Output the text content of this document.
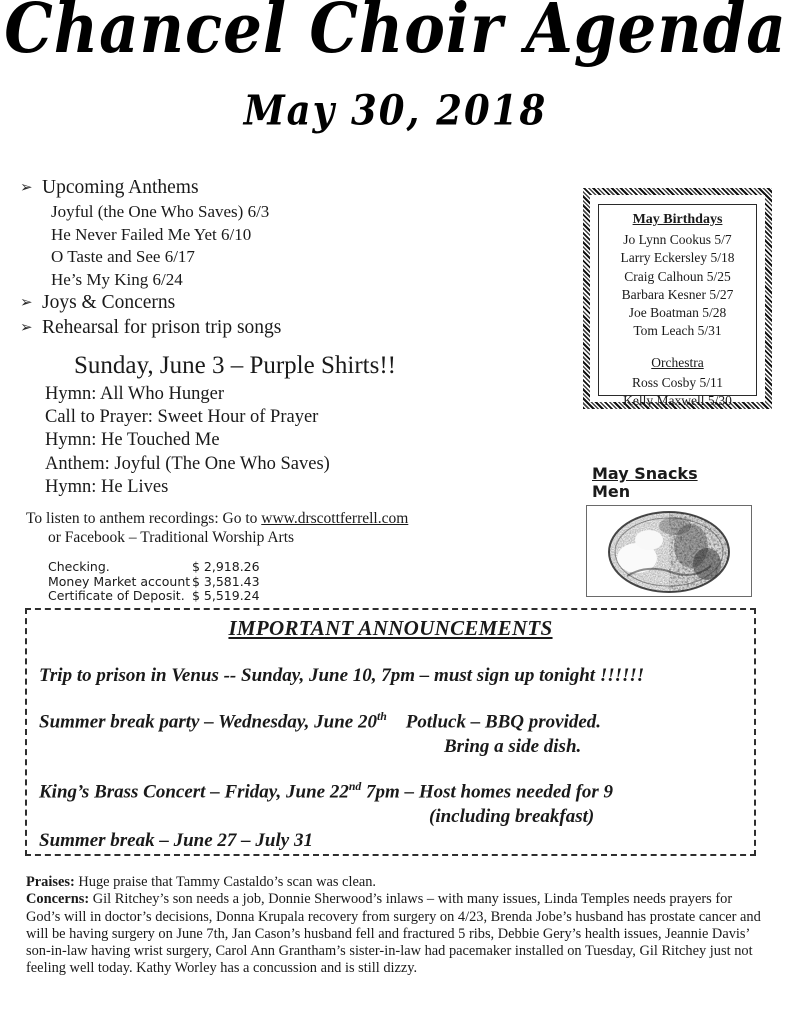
Chancel Choir Agenda
May 30, 2018
➢ Upcoming Anthems
Joyful (the One Who Saves) 6/3
He Never Failed Me Yet 6/10
O Taste and See 6/17
He’s My King 6/24
➢ Joys & Concerns
➢ Rehearsal for prison trip songs
Sunday, June 3 – Purple Shirts!!
Hymn: All Who Hunger
Call to Prayer: Sweet Hour of Prayer
Hymn: He Touched Me
Anthem: Joyful (The One Who Saves)
Hymn: He Lives
To listen to anthem recordings: Go to www.drscottferrell.com
or Facebook – Traditional Worship Arts
Checking.	$ 2,918.26
Money Market account $ 3,581.43
Certificate of Deposit. $ 5,519.24
May Birthdays
Jo Lynn Cookus 5/7
Larry Eckersley 5/18
Craig Calhoun 5/25
Barbara Kesner 5/27
Joe Boatman 5/28
Tom Leach 5/31
Orchestra
Ross Cosby 5/11
Kelly Maxwell 5/30
May Snacks
Men
IMPORTANT ANNOUNCEMENTS
Trip to prison in Venus -- Sunday, June 10, 7pm – must sign up tonight !!!!!!
Summer break party – Wednesday, June 20th Potluck – BBQ provided.
Bring a side dish.
King’s Brass Concert – Friday, June 22nd 7pm – Host homes needed for 9
(including breakfast)
Summer break – June 27 – July 31

Praises: Huge praise that Tammy Castaldo’s scan was clean.

Concerns: Gil Ritchey’s son needs a job, Donnie Sherwood’s inlaws – with many issues, Linda Temples needs prayers for God’s will in doctor’s decisions, Donna Krupala recovery from surgery on 4/23, Brenda Jobe’s husband has prostate cancer and will be having surgery on June 7th, Jan Cason’s husband fell and fractured 5 ribs, Debbie Gery’s health issues, Jeannie Davis’ son-in-law having wrist surgery, Carol Ann Grantham’s sister-in-law had pacemaker installed on Tuesday, Gil Ritchey just not feeling well today. Kathy Worley has a concussion and is still dizzy.
